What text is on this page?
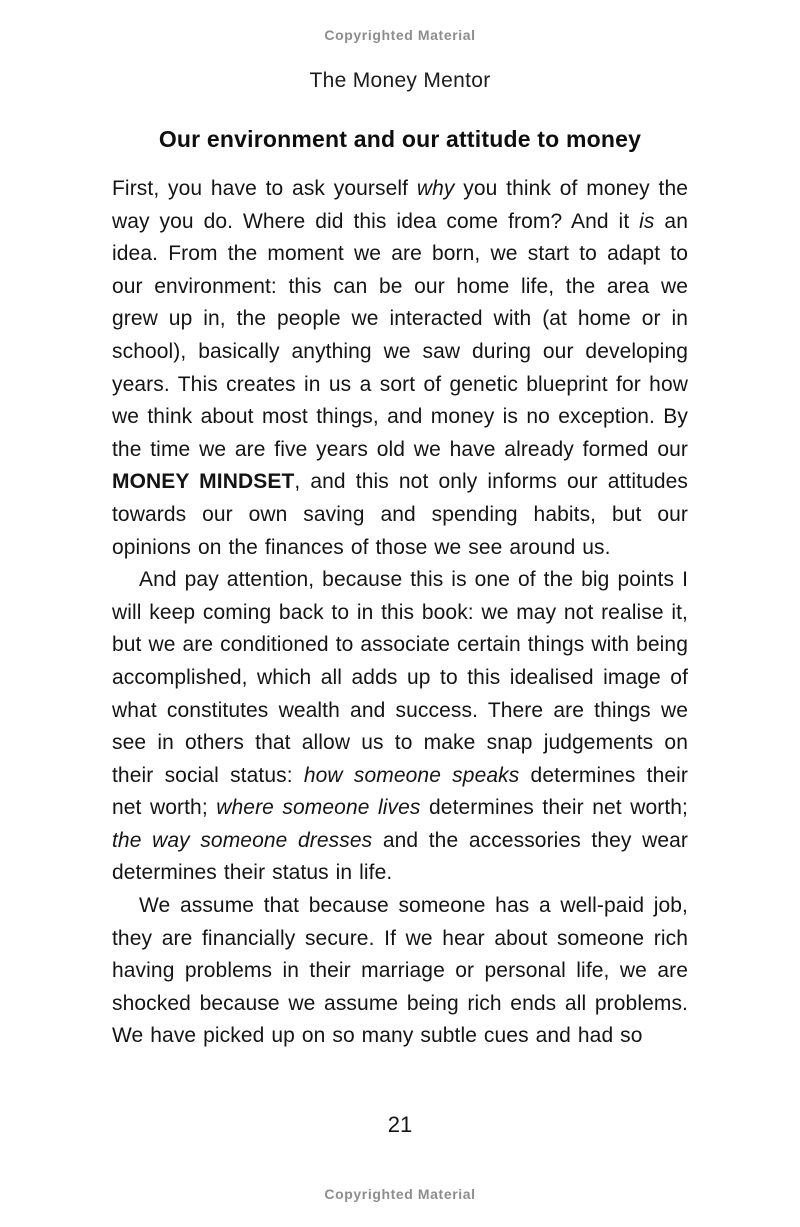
Copyrighted Material
The Money Mentor
Our environment and our attitude to money

First, you have to ask yourself why you think of money the way you do. Where did this idea come from? And it is an idea. From the moment we are born, we start to adapt to our environment: this can be our home life, the area we grew up in, the people we interacted with (at home or in school), basically anything we saw during our developing years. This creates in us a sort of genetic blueprint for how we think about most things, and money is no exception. By the time we are five years old we have already formed our MONEY MINDSET, and this not only informs our attitudes towards our own saving and spending habits, but our opinions on the finances of those we see around us.

And pay attention, because this is one of the big points I will keep coming back to in this book: we may not realise it, but we are conditioned to associate certain things with being accomplished, which all adds up to this idealised image of what constitutes wealth and success. There are things we see in others that allow us to make snap judgements on their social status: how someone speaks determines their net worth; where someone lives determines their net worth; the way someone dresses and the accessories they wear determines their status in life.

We assume that because someone has a well-paid job, they are financially secure. If we hear about someone rich having problems in their marriage or personal life, we are shocked because we assume being rich ends all problems. We have picked up on so many subtle cues and had so

21
Copyrighted Material
